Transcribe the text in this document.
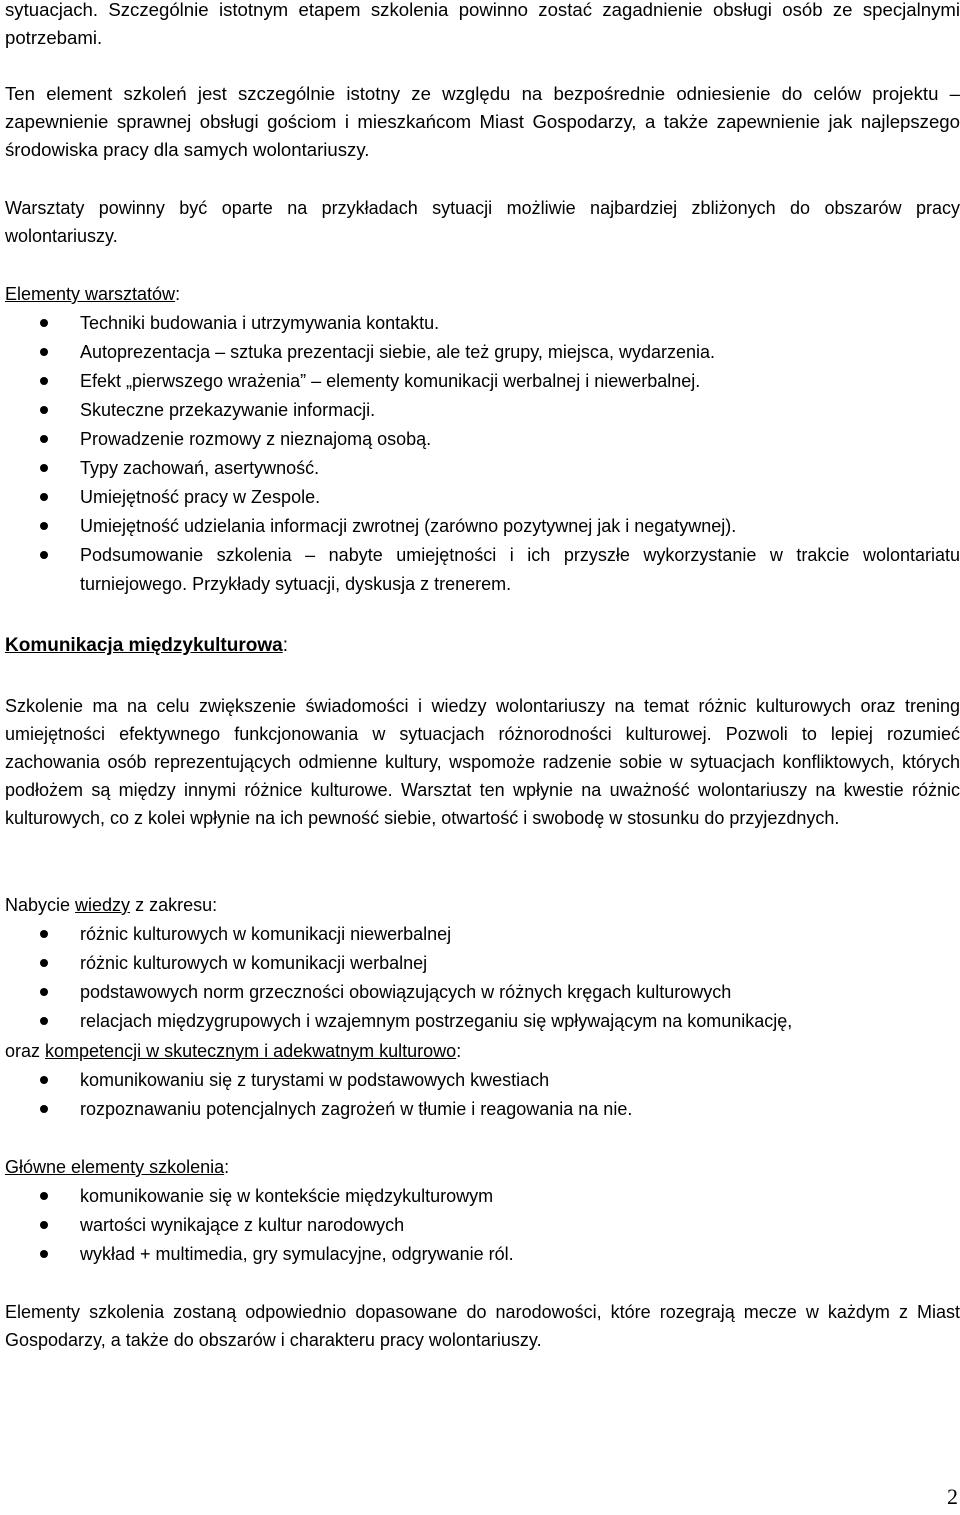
sytuacjach. Szczególnie istotnym etapem szkolenia powinno zostać zagadnienie obsługi osób ze specjalnymi potrzebami.

Ten element szkoleń jest szczególnie istotny ze względu na bezpośrednie odniesienie do celów projektu – zapewnienie sprawnej obsługi gościom i mieszkańcom Miast Gospodarzy, a także zapewnienie jak najlepszego środowiska pracy dla samych wolontariuszy.

Warsztaty powinny być oparte na przykładach sytuacji możliwie najbardziej zbliżonych do obszarów pracy wolontariuszy.

Elementy warsztatów:

Techniki budowania i utrzymywania kontaktu.
Autoprezentacja – sztuka prezentacji siebie, ale też grupy, miejsca, wydarzenia.
Efekt „pierwszego wrażenia” – elementy komunikacji werbalnej i niewerbalnej.
Skuteczne przekazywanie informacji.
Prowadzenie rozmowy z nieznajomą osobą.
Typy zachowań, asertywność.
Umiejętność pracy w Zespole.
Umiejętność udzielania informacji zwrotnej (zarówno pozytywnej jak i negatywnej).
Podsumowanie szkolenia – nabyte umiejętności i ich przyszłe wykorzystanie w trakcie wolontariatu turniejowego. Przykłady sytuacji, dyskusja z trenerem.

Komunikacja międzykulturowa:

Szkolenie ma na celu zwiększenie świadomości i wiedzy wolontariuszy na temat różnic kulturowych oraz trening umiejętności efektywnego funkcjonowania w sytuacjach różnorodności kulturowej. Pozwoli to lepiej rozumieć zachowania osób reprezentujących odmienne kultury, wspomoże radzenie sobie w sytuacjach konfliktowych, których podłożem są między innymi różnice kulturowe. Warsztat ten wpłynie na uważność wolontariuszy na kwestie różnic kulturowych, co z kolei wpłynie na ich pewność siebie, otwartość i swobodę w stosunku do przyjezdnych.

Nabycie wiedzy z zakresu:

różnic kulturowych w komunikacji niewerbalnej
różnic kulturowych w komunikacji werbalnej
podstawowych norm grzeczności obowiązujących w różnych kręgach kulturowych
relacjach międzygrupowych i wzajemnym postrzeganiu się wpływającym na komunikację,

oraz kompetencji w skutecznym i adekwatnym kulturowo:

komunikowaniu się z turystami w podstawowych kwestiach
rozpoznawaniu potencjalnych zagrożeń w tłumie i reagowania na nie.

Główne elementy szkolenia:

komunikowanie się w kontekście międzykulturowym
wartości wynikające z kultur narodowych
wykład + multimedia, gry symulacyjne, odgrywanie ról.

Elementy szkolenia zostaną odpowiednio dopasowane do narodowości, które rozegrają mecze w każdym z Miast Gospodarzy, a także do obszarów i charakteru pracy wolontariuszy.

2
